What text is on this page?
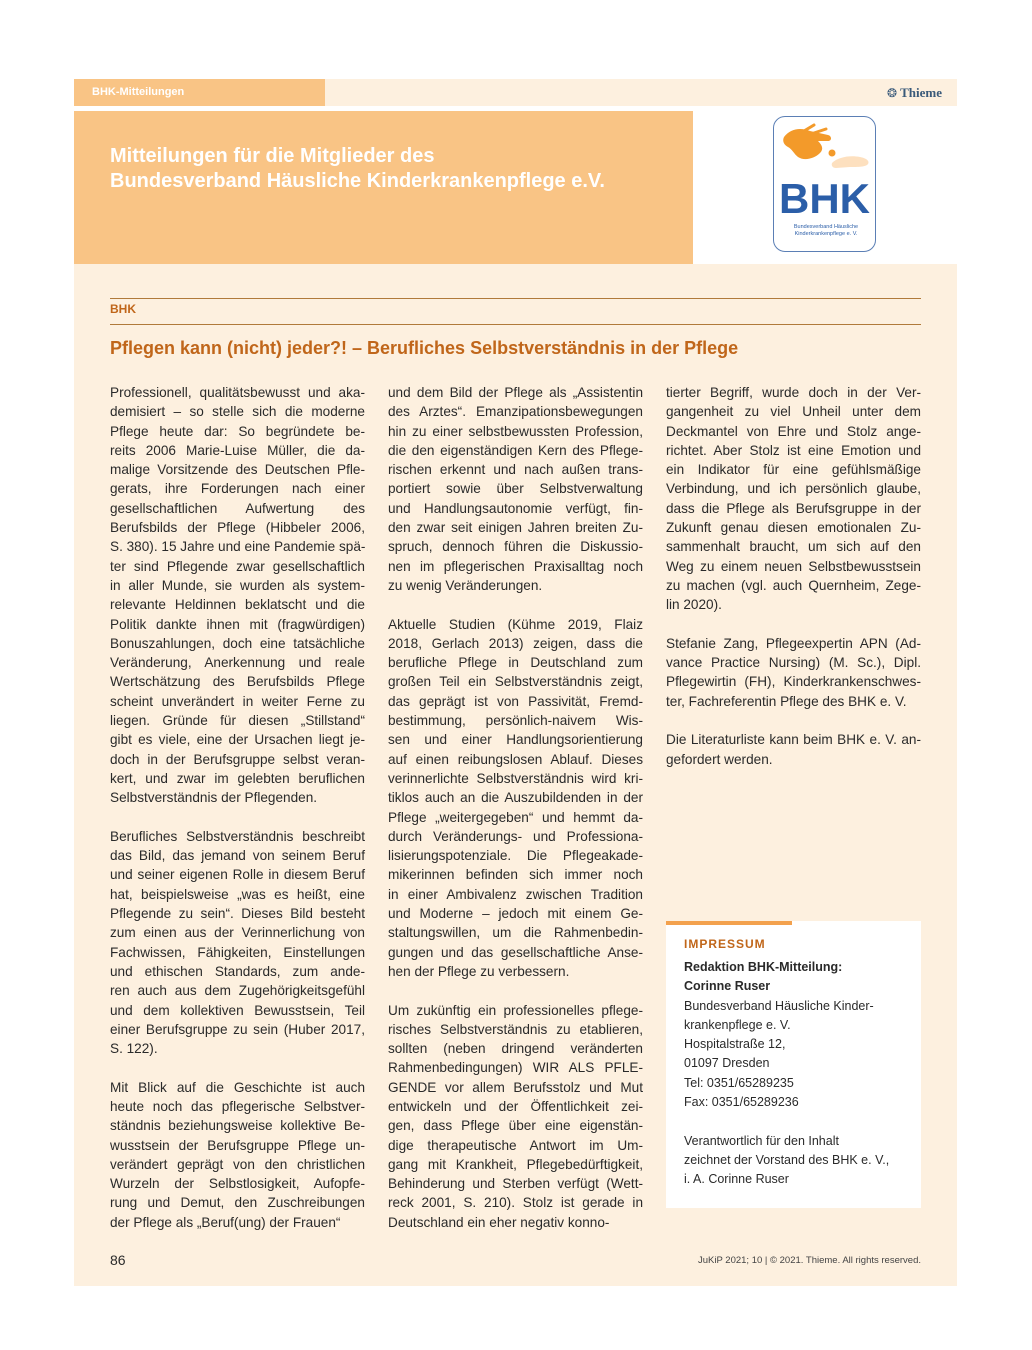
BHK-Mitteilungen	❂ Thieme
Mitteilungen für die Mitglieder des
Bundesverband Häusliche Kinderkrankenpflege e.V.	BHK
Bundesverband Häusliche
Kinderkrankenpflege e. V.
BHK
Pflegen kann (nicht) jeder?! – Berufliches Selbstverständnis in der Pflege

Professionell, qualitätsbewusst und aka-
demisiert – so stelle sich die moderne
Pflege heute dar: So begründete be-
reits 2006 Marie-Luise Müller, die da-
malige Vorsitzende des Deutschen Pfle-
gerats, ihre Forderungen nach einer
gesellschaftlichen Aufwertung des
Berufsbilds der Pflege (Hibbeler 2006,
S. 380). 15 Jahre und eine Pandemie spä-
ter sind Pflegende zwar gesellschaftlich
in aller Munde, sie wurden als system-
relevante Heldinnen beklatscht und die
Politik dankte ihnen mit (fragwürdigen)
Bonuszahlungen, doch eine tatsächliche
Veränderung, Anerkennung und reale
Wertschätzung des Berufsbilds Pflege
scheint unverändert in weiter Ferne zu
liegen. Gründe für diesen „Stillstand“
gibt es viele, eine der Ursachen liegt je-
doch in der Berufsgruppe selbst veran-
kert, und zwar im gelebten beruflichen
Selbstverständnis der Pflegenden.

Berufliches Selbstverständnis beschreibt
das Bild, das jemand von seinem Beruf
und seiner eigenen Rolle in diesem Beruf
hat, beispielsweise „was es heißt, eine
Pflegende zu sein“. Dieses Bild besteht
zum einen aus der Verinnerlichung von
Fachwissen, Fähigkeiten, Einstellungen
und ethischen Standards, zum ande-
ren auch aus dem Zugehörigkeitsgefühl
und dem kollektiven Bewusstsein, Teil
einer Berufsgruppe zu sein (Huber 2017,
S. 122).

Mit Blick auf die Geschichte ist auch
heute noch das pflegerische Selbstver-
ständnis beziehungsweise kollektive Be-
wusstsein der Berufsgruppe Pflege un-
verändert geprägt von den christlichen
Wurzeln der Selbstlosigkeit, Aufopfe-
rung und Demut, den Zuschreibungen
der Pflege als „Beruf(ung) der Frauen“

und dem Bild der Pflege als „Assistentin
des Arztes“. Emanzipationsbewegungen
hin zu einer selbstbewussten Profession,
die den eigenständigen Kern des Pflege-
rischen erkennt und nach außen trans-
portiert sowie über Selbstverwaltung
und Handlungsautonomie verfügt, fin-
den zwar seit einigen Jahren breiten Zu-
spruch, dennoch führen die Diskussio-
nen im pflegerischen Praxisalltag noch
zu wenig Veränderungen.

Aktuelle Studien (Kühme 2019, Flaiz
2018, Gerlach 2013) zeigen, dass die
berufliche Pflege in Deutschland zum
großen Teil ein Selbstverständnis zeigt,
das geprägt ist von Passivität, Fremd-
bestimmung, persönlich-naivem Wis-
sen und einer Handlungsorientierung
auf einen reibungslosen Ablauf. Dieses
verinnerlichte Selbstverständnis wird kri-
tiklos auch an die Auszubildenden in der
Pflege „weitergegeben“ und hemmt da-
durch Veränderungs- und Professiona-
lisierungspotenziale. Die Pflegeakade-
mikerinnen befinden sich immer noch
in einer Ambivalenz zwischen Tradition
und Moderne – jedoch mit einem Ge-
staltungswillen, um die Rahmenbedin-
gungen und das gesellschaftliche Anse-
hen der Pflege zu verbessern.

Um zukünftig ein professionelles pflege-
risches Selbstverständnis zu etablieren,
sollten (neben dringend veränderten
Rahmenbedingungen) WIR ALS PFLE-
GENDE vor allem Berufsstolz und Mut
entwickeln und der Öffentlichkeit zei-
gen, dass Pflege über eine eigenstän-
dige therapeutische Antwort im Um-
gang mit Krankheit, Pflegebedürftigkeit,
Behinderung und Sterben verfügt (Wett-
reck 2001, S. 210). Stolz ist gerade in
Deutschland ein eher negativ konno-

tierter Begriff, wurde doch in der Ver-
gangenheit zu viel Unheil unter dem
Deckmantel von Ehre und Stolz ange-
richtet. Aber Stolz ist eine Emotion und
ein Indikator für eine gefühlsmäßige
Verbindung, und ich persönlich glaube,
dass die Pflege als Berufsgruppe in der
Zukunft genau diesen emotionalen Zu-
sammenhalt braucht, um sich auf den
Weg zu einem neuen Selbstbewusstsein
zu machen (vgl. auch Quernheim, Zege-
lin 2020).

Stefanie Zang, Pflegeexpertin APN (Ad-
vance Practice Nursing) (M. Sc.), Dipl.
Pflegewirtin (FH), Kinderkrankenschwes-
ter, Fachreferentin Pflege des BHK e. V.

Die Literaturliste kann beim BHK e. V. an-
gefordert werden.

IMPRESSUM
Redaktion BHK-Mitteilung:
Corinne Ruser
Bundesverband Häusliche Kinder-
krankenpflege e. V.
Hospitalstraße 12,
01097 Dresden
Tel: 0351/65289235
Fax: 0351/65289236

Verantwortlich für den Inhalt
zeichnet der Vorstand des BHK e. V.,
i. A. Corinne Ruser
86	JuKiP 2021; 10 | © 2021. Thieme. All rights reserved.
